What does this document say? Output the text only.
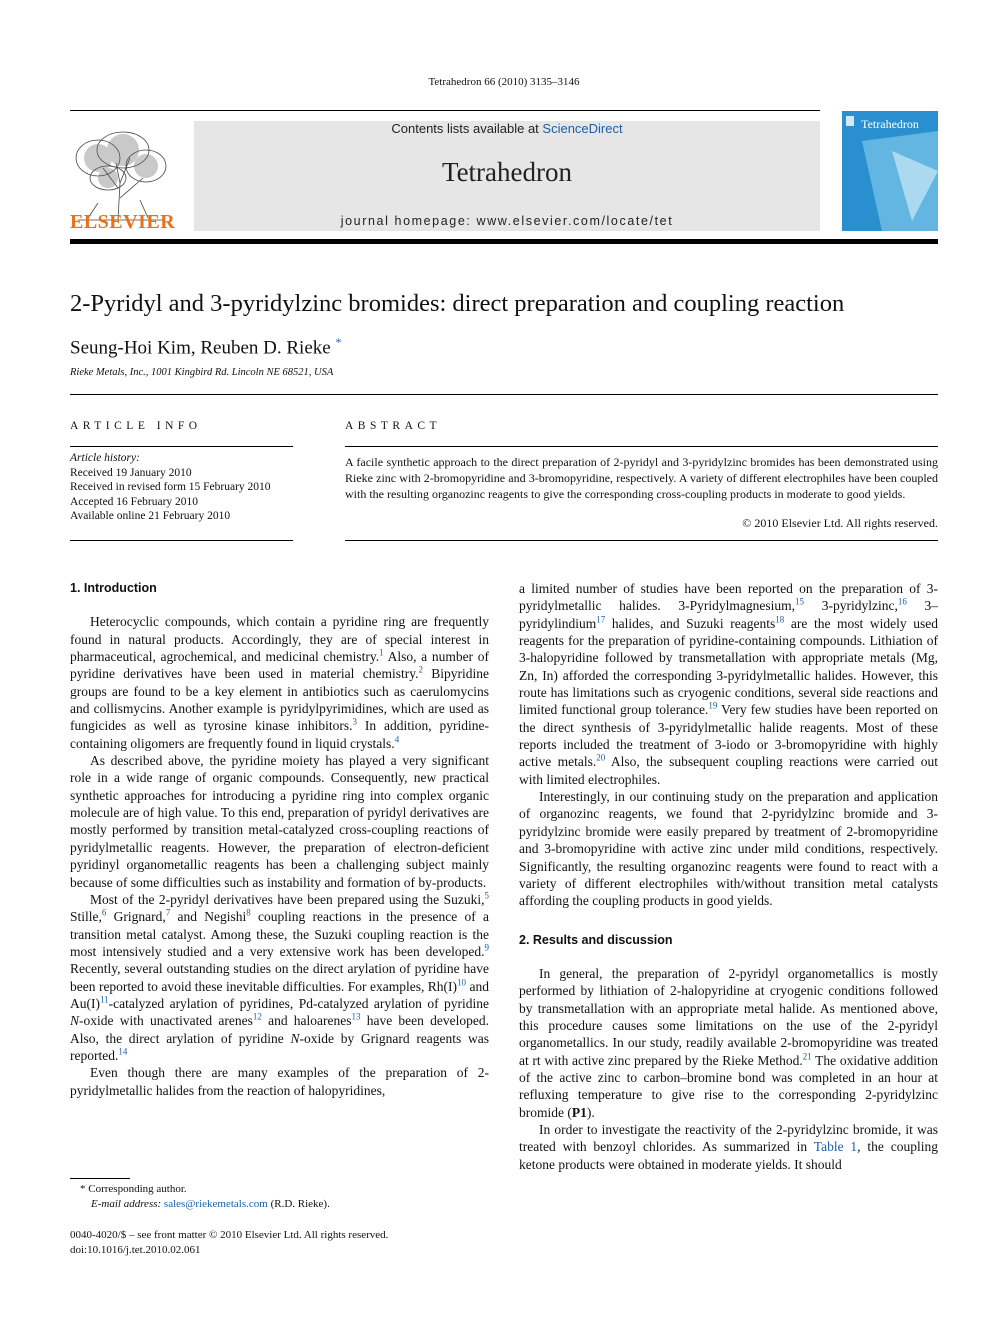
Tetrahedron 66 (2010) 3135–3146
ELSEVIER
Contents lists available at ScienceDirect
Tetrahedron
journal homepage: www.elsevier.com/locate/tet
Tetrahedron
2-Pyridyl and 3-pyridylzinc bromides: direct preparation and coupling reaction
Seung-Hoi Kim, Reuben D. Rieke *
Rieke Metals, Inc., 1001 Kingbird Rd. Lincoln NE 68521, USA
ARTICLE INFO
Article history:
Received 19 January 2010
Received in revised form 15 February 2010
Accepted 16 February 2010
Available online 21 February 2010
ABSTRACT
A facile synthetic approach to the direct preparation of 2-pyridyl and 3-pyridylzinc bromides has been demonstrated using Rieke zinc with 2-bromopyridine and 3-bromopyridine, respectively. A variety of different electrophiles have been coupled with the resulting organozinc reagents to give the corresponding cross-coupling products in moderate to good yields.
© 2010 Elsevier Ltd. All rights reserved.
1. Introduction

Heterocyclic compounds, which contain a pyridine ring are frequently found in natural products. Accordingly, they are of special interest in pharmaceutical, agrochemical, and medicinal chemistry.$^1$ Also, a number of pyridine derivatives have been used in material chemistry.$^2$ Bipyridine groups are found to be a key element in antibiotics such as caerulomycins and collismycins. Another example is pyridylpyrimidines, which are used as fungicides as well as tyrosine kinase inhibitors.$^3$ In addition, pyridine-containing oligomers are frequently found in liquid crystals.$^4$

As described above, the pyridine moiety has played a very significant role in a wide range of organic compounds. Consequently, new practical synthetic approaches for introducing a pyridine ring into complex organic molecule are of high value. To this end, preparation of pyridyl derivatives are mostly performed by transition metal-catalyzed cross-coupling reactions of pyridylmetallic reagents. However, the preparation of electron-deficient pyridinyl organometallic reagents has been a challenging subject mainly because of some difficulties such as instability and formation of by-products.

Most of the 2-pyridyl derivatives have been prepared using the Suzuki,$^5$ Stille,$^6$ Grignard,$^7$ and Negishi$^8$ coupling reactions in the presence of a transition metal catalyst. Among these, the Suzuki coupling reaction is the most intensively studied and a very extensive work has been developed.$^9$ Recently, several outstanding studies on the direct arylation of pyridine have been reported to avoid these inevitable difficulties. For examples, Rh(I)$^{10}$ and Au(I)$^{11}$-catalyzed arylation of pyridines, Pd-catalyzed arylation of pyridine N-oxide with unactivated arenes$^{12}$ and haloarenes$^{13}$ have been developed. Also, the direct arylation of pyridine N-oxide by Grignard reagents was reported.$^{14}$

Even though there are many examples of the preparation of 2-pyridylmetallic halides from the reaction of halopyridines,

a limited number of studies have been reported on the preparation of 3-pyridylmetallic halides. 3-Pyridylmagnesium,$^{15}$ 3-pyridylzinc,$^{16}$ 3–pyridylindium$^{17}$ halides, and Suzuki reagents$^{18}$ are the most widely used reagents for the preparation of pyridine-containing compounds. Lithiation of 3-halopyridine followed by transmetallation with appropriate metals (Mg, Zn, In) afforded the corresponding 3-pyridylmetallic halides. However, this route has limitations such as cryogenic conditions, several side reactions and limited functional group tolerance.$^{19}$ Very few studies have been reported on the direct synthesis of 3-pyridylmetallic halide reagents. Most of these reports included the treatment of 3-iodo or 3-bromopyridine with highly active metals.$^{20}$ Also, the subsequent coupling reactions were carried out with limited electrophiles.

Interestingly, in our continuing study on the preparation and application of organozinc reagents, we found that 2-pyridylzinc bromide and 3-pyridylzinc bromide were easily prepared by treatment of 2-bromopyridine and 3-bromopyridine with active zinc under mild conditions, respectively. Significantly, the resulting organozinc reagents were found to react with a variety of different electrophiles with/without transition metal catalysts affording the coupling products in good yields.

2. Results and discussion

In general, the preparation of 2-pyridyl organometallics is mostly performed by lithiation of 2-halopyridine at cryogenic conditions followed by transmetallation with an appropriate metal halide. As mentioned above, this procedure causes some limitations on the use of the 2-pyridyl organometallics. In our study, readily available 2-bromopyridine was treated at rt with active zinc prepared by the Rieke Method.$^{21}$ The oxidative addition of the active zinc to carbon–bromine bond was completed in an hour at refluxing temperature to give rise to the corresponding 2-pyridylzinc bromide (P1).

In order to investigate the reactivity of the 2-pyridylzinc bromide, it was treated with benzoyl chlorides. As summarized in Table 1, the coupling ketone products were obtained in moderate yields. It should

* Corresponding author.
E-mail address: sales@riekemetals.com (R.D. Rieke).
0040-4020/$ – see front matter © 2010 Elsevier Ltd. All rights reserved.
doi:10.1016/j.tet.2010.02.061
